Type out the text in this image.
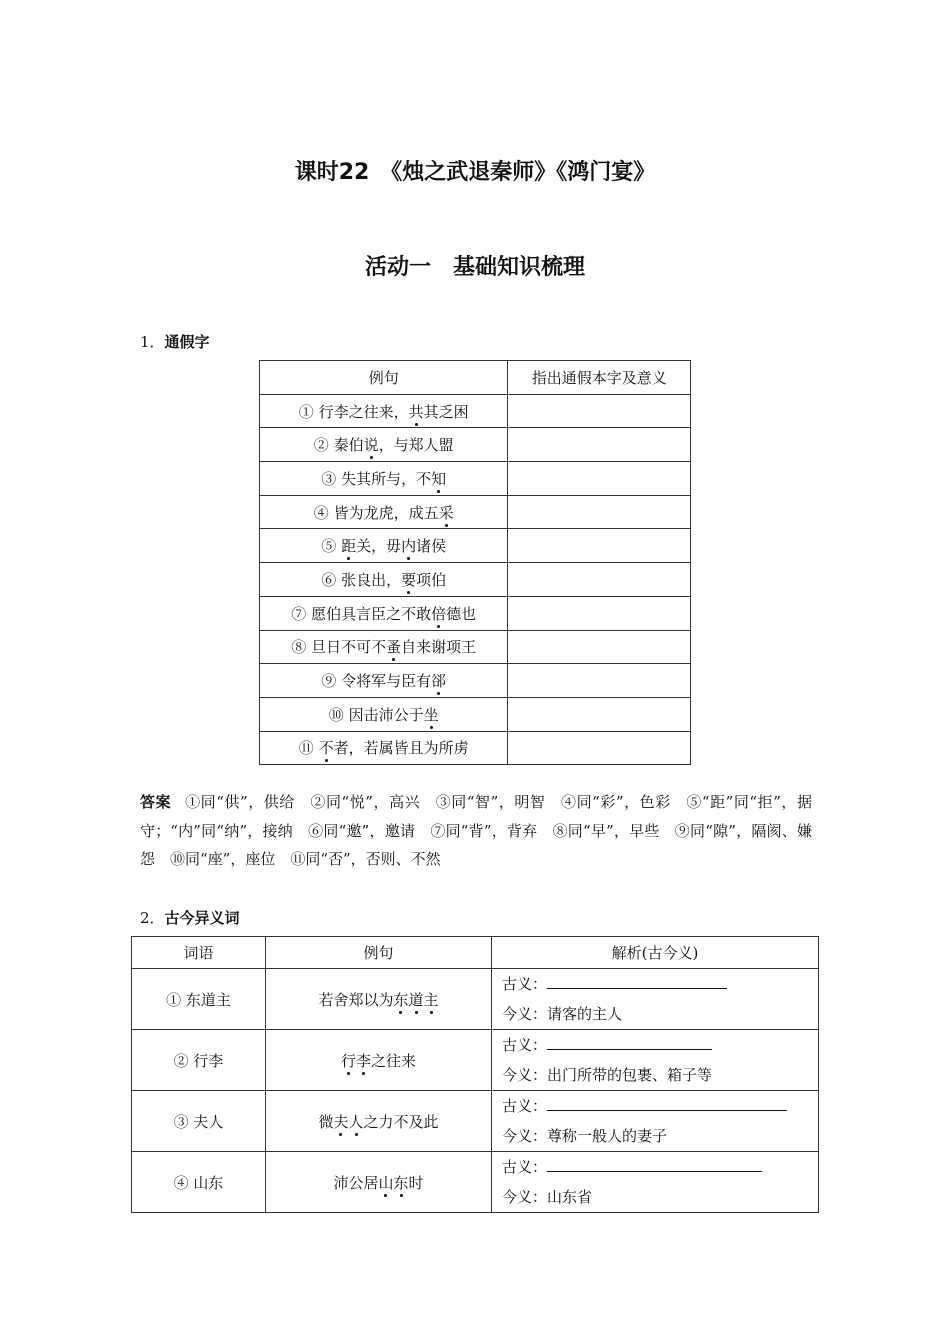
课时22　《烛之武退秦师》《鸿门宴》
活动一　基础知识梳理
1．通假字
例句	指出通假本字及意义
① 行李之往来，共其乏困	
② 秦伯说，与郑人盟	
③ 失其所与，不知	
④ 皆为龙虎，成五采	
⑤ 距关，毋内诸侯	
⑥ 张良出，要项伯	
⑦ 愿伯具言臣之不敢倍德也	
⑧ 旦日不可不蚤自来谢项王	
⑨ 令将军与臣有郤	
⑩ 因击沛公于坐	
⑪ 不者，若属皆且为所虏	
答案 ①同“供”，供给　②同“悦”，高兴　③同“智”，明智　④同“彩”，色彩　⑤“距”同“拒”，据守；“内”同“纳”，接纳　⑥同“邀”，邀请　⑦同“背”，背弃　⑧同“早”，早些　⑨同“隙”，隔阂、嫌怨　⑩同“座”，座位　⑪同“否”，否则、不然
2．古今异义词
词语	例句	解析(古今义)
① 东道主	若舍郑以为东道主	古义：
今义：请客的主人

② 行李	行李之往来	古义：
今义：出门所带的包裹、箱子等

③ 夫人	微夫人之力不及此	古义：
今义：尊称一般人的妻子

④ 山东	沛公居山东时	古义：
今义：山东省
